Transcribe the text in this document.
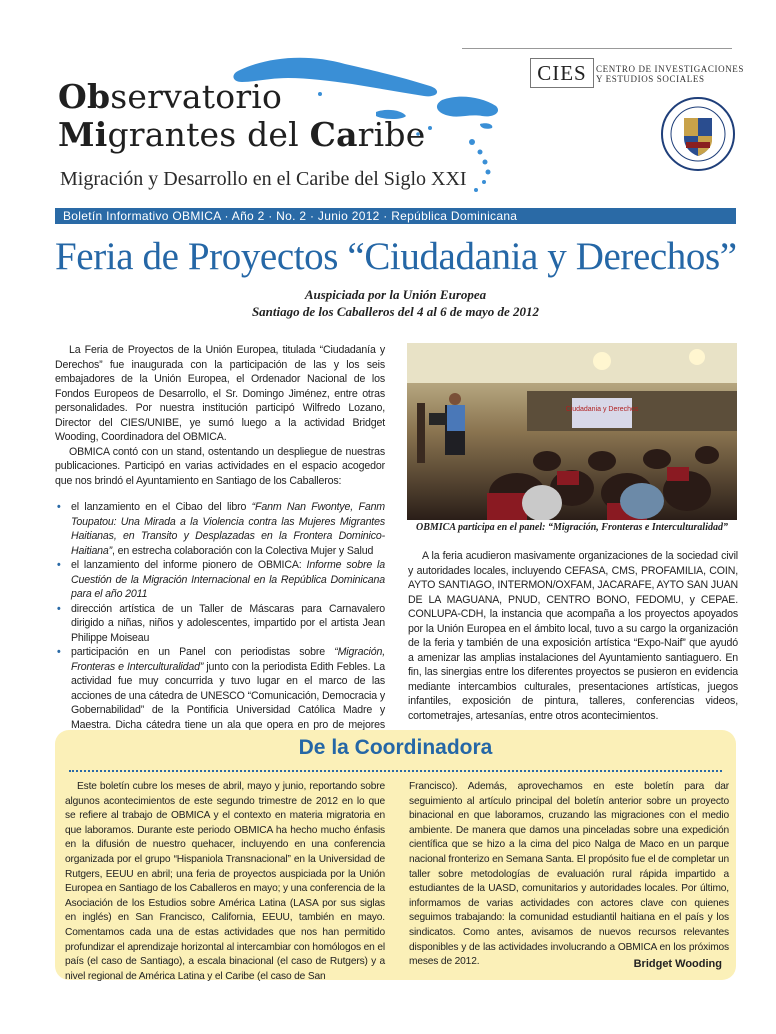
Observatorio
Migrantes del Caribe
Migración y Desarrollo en el Caribe del Siglo XXI
CIES	CENTRO DE INVESTIGACIONES
Y ESTUDIOS SOCIALES
Boletín Informativo OBMICA · Año 2 · No. 2 · Junio 2012 · República Dominicana
Feria de Proyectos “Ciudadania y Derechos”
Auspiciada por la Unión Europea
Santiago de los Caballeros del 4 al 6 de mayo de 2012

La Feria de Proyectos de la Unión Europea, titulada “Ciudadanía y Derechos” fue inaugurada con la participación de las y los seis embajadores de la Unión Europea, el Ordenador Nacional de los Fondos Europeos de Desarrollo, el Sr. Domingo Jiménez, entre otras personalidades. Por nuestra institución participó Wilfredo Lozano, Director del CIES/UNIBE, ye sumó luego a la actividad Bridget Wooding, Coordinadora del OBMICA.

OBMICA contó con un stand, ostentando un despliegue de nuestras publicaciones. Participó en varias actividades en el espacio acogedor que nos brindó el Ayuntamiento en Santiago de los Caballeros:

• el lanzamiento en el Cibao del libro “Fanm Nan Fwontye, Fanm Toupatou: Una Mirada a la Violencia contra las Mujeres Migrantes Haitianas, en Transito y Desplazadas en la Frontera Dominico-Haitiana”, en estrecha colaboración con la Colectiva Mujer y Salud
• el lanzamiento del informe pionero de OBMICA: Informe sobre la Cuestión de la Migración Internacional en la República Dominicana para el año 2011
• dirección artística de un Taller de Máscaras para Carnavalero dirigido a niñas, niños y adolescentes, impartido por el artista Jean Philippe Moiseau
• participación en un Panel con periodistas sobre “Migración, Fronteras e Interculturalidad” junto con la periodista Edith Febles. La actividad fue muy concurrida y tuvo lugar en el marco de las acciones de una cátedra de UNESCO “Comunicación, Democracia y Gobernabilidad” de la Pontificia Universidad Católica Madre y Maestra. Dicha cátedra tiene un ala que opera en pro de mejores
Ciudadania y Derechos
OBMICA participa en el panel: “Migración, Fronteras e Interculturalidad”

A la feria acudieron masivamente organizaciones de la sociedad civil y autoridades locales, incluyendo CEFASA, CMS, PROFAMILIA, COIN, AYTO SANTIAGO, INTERMON/OXFAM, JACARAFE, AYTO SAN JUAN DE LA MAGUANA, PNUD, CENTRO BONO, FEDOMU, y CEPAE. CONLUPA-CDH, la instancia que acompaña a los proyectos apoyados por la Unión Europea en el ámbito local, tuvo a su cargo la organización de la feria y también de una exposición artística “Expo-Naif” que ayudó a amenizar las amplias instalaciones del Ayuntamiento santiaguero. En fin, las sinergias entre los diferentes proyectos se pusieron en evidencia mediante intercambios culturales, presentaciones artísticas, juegos infantiles, exposición de pintura, talleres, conferencias videos, cortometrajes, artesanías, entre otros acontecimientos.

De la Coordinadora

Este boletín cubre los meses de abril, mayo y junio, reportando sobre algunos acontecimientos de este segundo trimestre de 2012 en lo que se refiere al trabajo de OBMICA y el contexto en materia migratoria en que laboramos. Durante este periodo OBMICA ha hecho mucho énfasis en la difusión de nuestro quehacer, incluyendo en una conferencia organizada por el grupo “Hispaniola Transnacional” en la Universidad de Rutgers, EEUU en abril; una feria de proyectos auspiciada por la Unión Europea en Santiago de los Caballeros en mayo; y una conferencia de la Asociación de los Estudios sobre América Latina (LASA por sus siglas en inglés) en San Francisco, California, EEUU, también en mayo. Comentamos cada una de estas actividades que nos han permitido profundizar el aprendizaje horizontal al intercambiar con homólogos en el país (el caso de Santiago), a escala binacional (el caso de Rutgers) y a nivel regional de América Latina y el Caribe (el caso de San

Francisco). Además, aprovechamos en este boletín para dar seguimiento al artículo principal del boletín anterior sobre un proyecto binacional en que laboramos, cruzando las migraciones con el medio ambiente. De manera que damos una pinceladas sobre una expedición científica que se hizo a la cima del pico Nalga de Maco en un parque nacional fronterizo en Semana Santa. El propósito fue el de completar un taller sobre metodologías de evaluación rural rápida impartido a estudiantes de la UASD, comunitarios y autoridades locales. Por último, informamos de varias actividades con actores clave con quienes seguimos trabajando: la comunidad estudiantil haitiana en el país y los sindicatos. Como antes, avisamos de nuevos recursos relevantes disponibles y de las actividades involucrando a OBMICA en los próximos meses de 2012.	Bridget Wooding
